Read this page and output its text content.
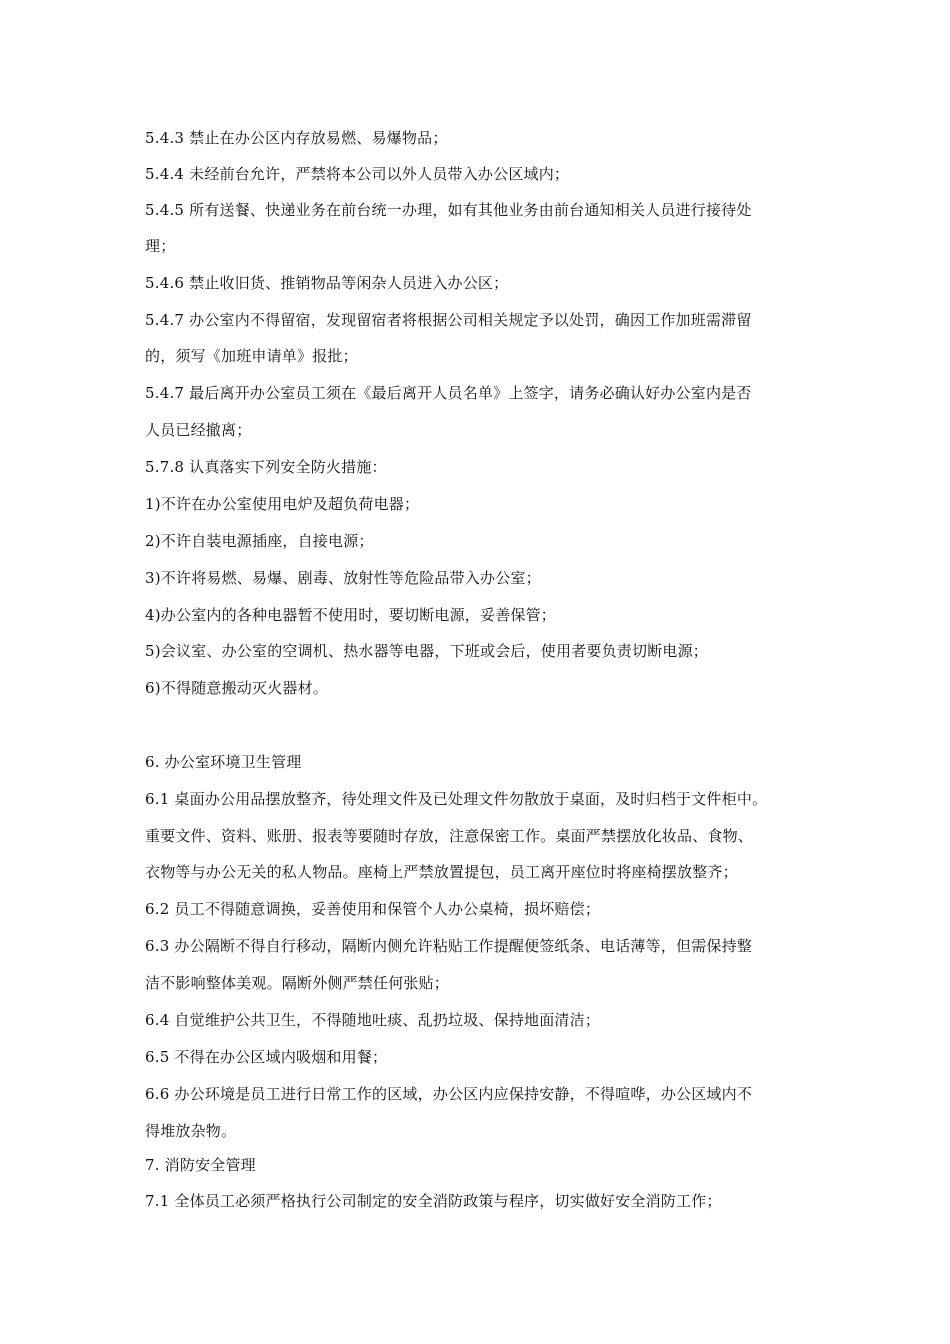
5.4.3 禁止在办公区内存放易燃、易爆物品；
5.4.4 未经前台允许，严禁将本公司以外人员带入办公区域内；
5.4.5 所有送餐、快递业务在前台统一办理，如有其他业务由前台通知相关人员进行接待处
理；
5.4.6 禁止收旧货、推销物品等闲杂人员进入办公区；
5.4.7 办公室内不得留宿，发现留宿者将根据公司相关规定予以处罚，确因工作加班需滞留
的，须写《加班申请单》报批；
5.4.7 最后离开办公室员工须在《最后离开人员名单》上签字，请务必确认好办公室内是否
人员已经撤离；
5.7.8 认真落实下列安全防火措施：
1)不许在办公室使用电炉及超负荷电器；
2)不许自装电源插座，自接电源；
3)不许将易燃、易爆、剧毒、放射性等危险品带入办公室；
4)办公室内的各种电器暂不使用时，要切断电源，妥善保管；
5)会议室、办公室的空调机、热水器等电器，下班或会后，使用者要负责切断电源；
6)不得随意搬动灭火器材。
6. 办公室环境卫生管理
6.1 桌面办公用品摆放整齐，待处理文件及已处理文件勿散放于桌面，及时归档于文件柜中。
重要文件、资料、账册、报表等要随时存放，注意保密工作。桌面严禁摆放化妆品、食物、
衣物等与办公无关的私人物品。座椅上严禁放置提包，员工离开座位时将座椅摆放整齐；
6.2 员工不得随意调换，妥善使用和保管个人办公桌椅，损坏赔偿；
6.3 办公隔断不得自行移动，隔断内侧允许粘贴工作提醒便签纸条、电话薄等，但需保持整
洁不影响整体美观。隔断外侧严禁任何张贴；
6.4 自觉维护公共卫生，不得随地吐痰、乱扔垃圾、保持地面清洁；
6.5 不得在办公区域内吸烟和用餐；
6.6 办公环境是员工进行日常工作的区域，办公区内应保持安静，不得喧哗，办公区域内不
得堆放杂物。
7. 消防安全管理
7.1 全体员工必须严格执行公司制定的安全消防政策与程序，切实做好安全消防工作；
